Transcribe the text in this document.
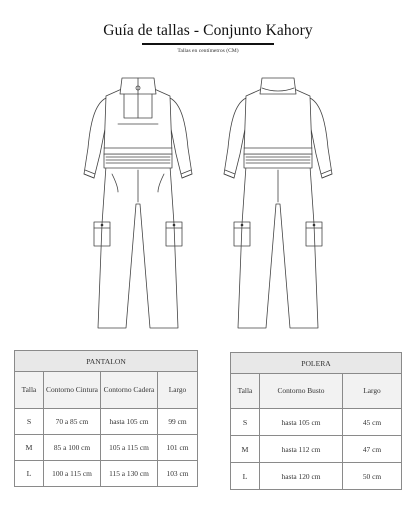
Guía de tallas - Conjunto Kahory
Tallas en centímetros (CM)
PANTALON			
Talla	Contorno Cintura	Contorno Cadera	Largo
S	70 a 85 cm	hasta 105 cm	99 cm
M	85 a 100 cm	105 a 115 cm	101 cm
L	100 a 115 cm	115 a 130 cm	103 cm
POLERA		
Talla	Contorno Busto	Largo
S	hasta 105 cm	45 cm
M	hasta 112 cm	47 cm
L	hasta 120 cm	50 cm
